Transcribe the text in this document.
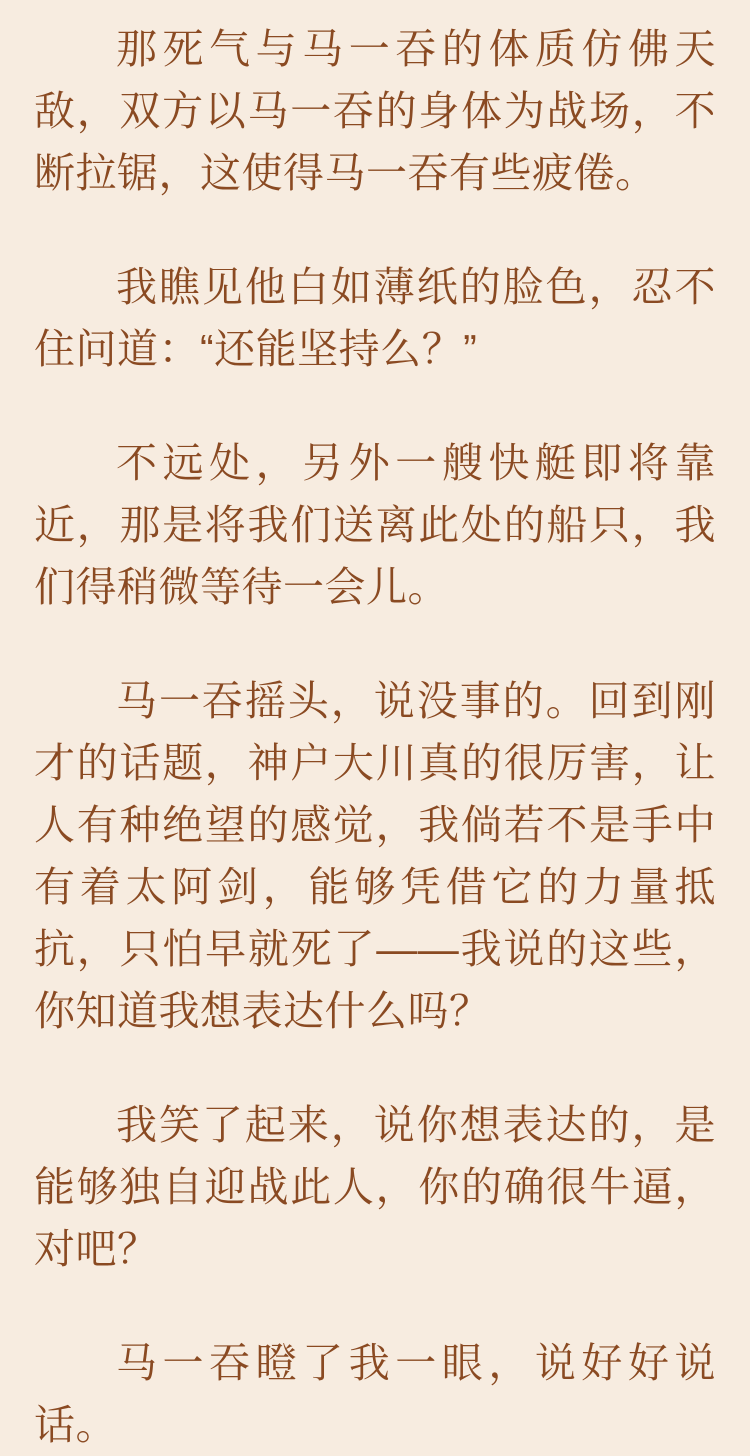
那死气与马一吞的体质仿佛天敌，双方以马一吞的身体为战场，不断拉锯，这使得马一吞有些疲倦。

我瞧见他白如薄纸的脸色，忍不住问道：“还能坚持么？”

不远处，另外一艘快艇即将靠近，那是将我们送离此处的船只，我们得稍微等待一会儿。

马一吞摇头，说没事的。回到刚才的话题，神户大川真的很厉害，让人有种绝望的感觉，我倘若不是手中有着太阿剑，能够凭借它的力量抵抗，只怕早就死了——我说的这些，你知道我想表达什么吗？

我笑了起来，说你想表达的，是能够独自迎战此人，你的确很牛逼，对吧？

马一吞瞪了我一眼，说好好说话。
